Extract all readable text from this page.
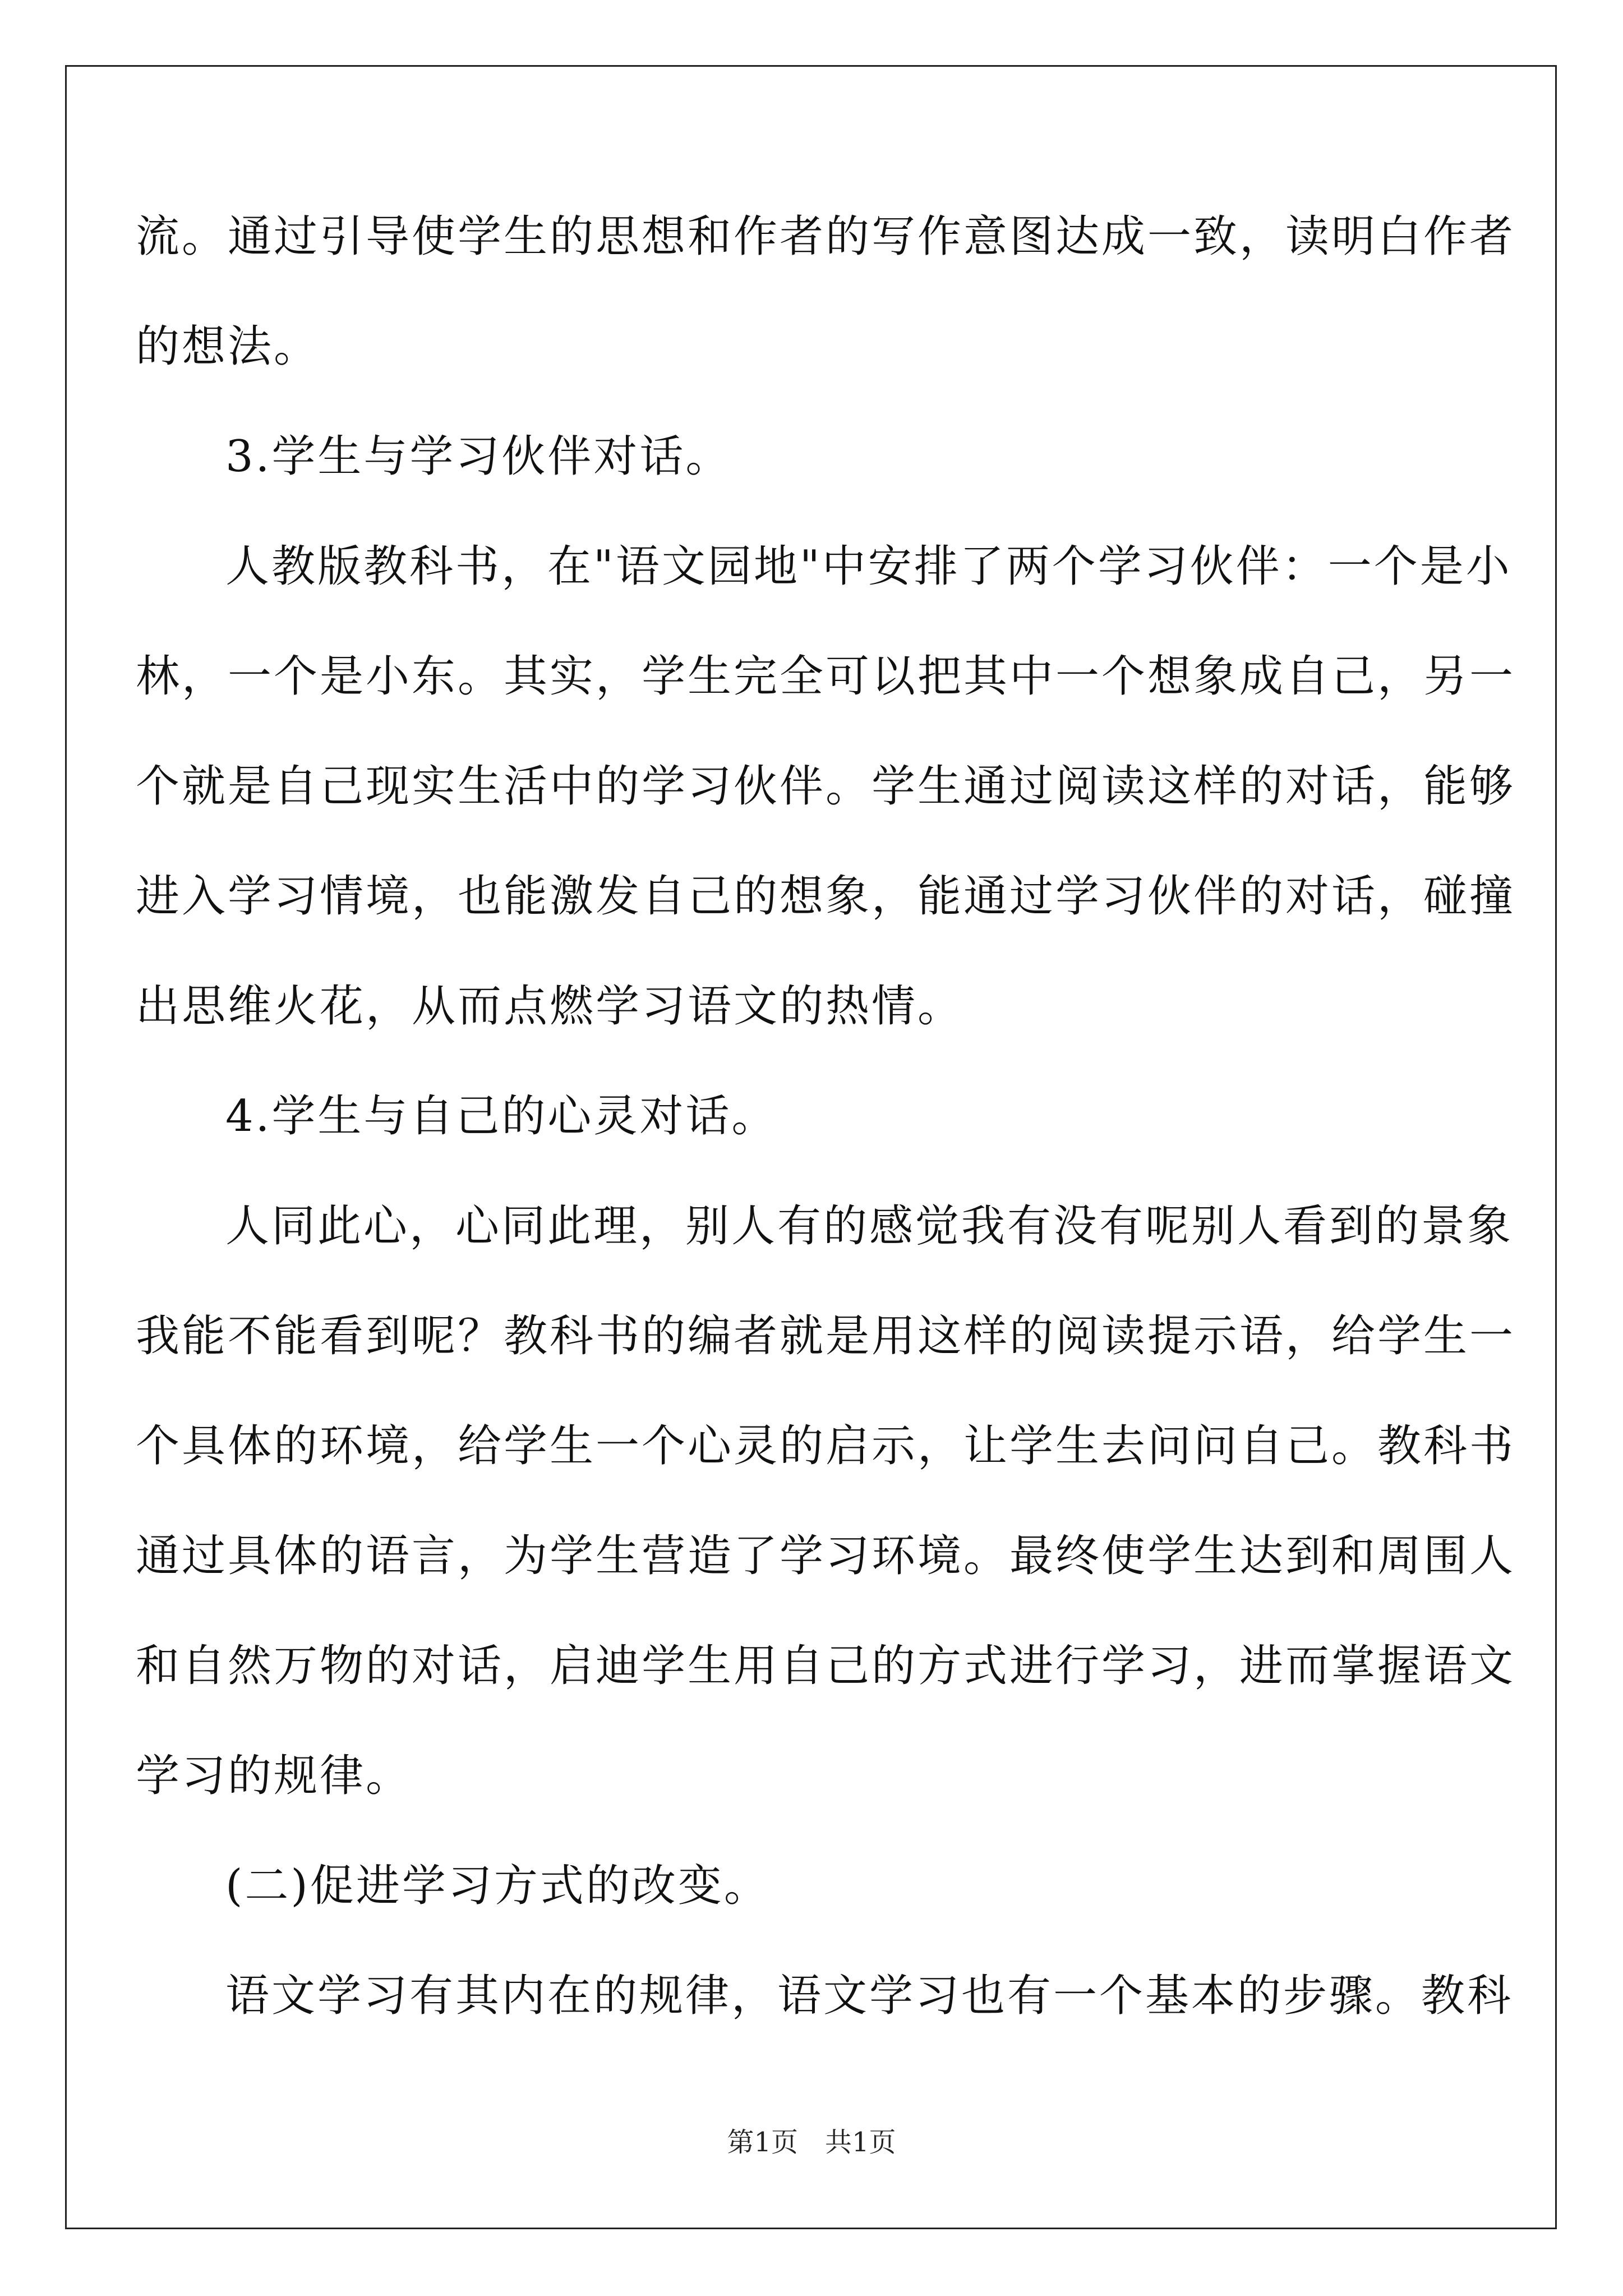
流。通过引导使学生的思想和作者的写作意图达成一致，读明白作者
的想法。
3.学生与学习伙伴对话。
人教版教科书，在"语文园地"中安排了两个学习伙伴：一个是小
林，一个是小东。其实，学生完全可以把其中一个想象成自己，另一
个就是自己现实生活中的学习伙伴。学生通过阅读这样的对话，能够
进入学习情境，也能激发自己的想象，能通过学习伙伴的对话，碰撞
出思维火花，从而点燃学习语文的热情。
4.学生与自己的心灵对话。
人同此心，心同此理，别人有的感觉我有没有呢别人看到的景象
我能不能看到呢？教科书的编者就是用这样的阅读提示语，给学生一
个具体的环境，给学生一个心灵的启示，让学生去问问自己。教科书
通过具体的语言，为学生营造了学习环境。最终使学生达到和周围人
和自然万物的对话，启迪学生用自己的方式进行学习，进而掌握语文
学习的规律。
(二)促进学习方式的改变。
语文学习有其内在的规律，语文学习也有一个基本的步骤。教科
第1页　共1页
